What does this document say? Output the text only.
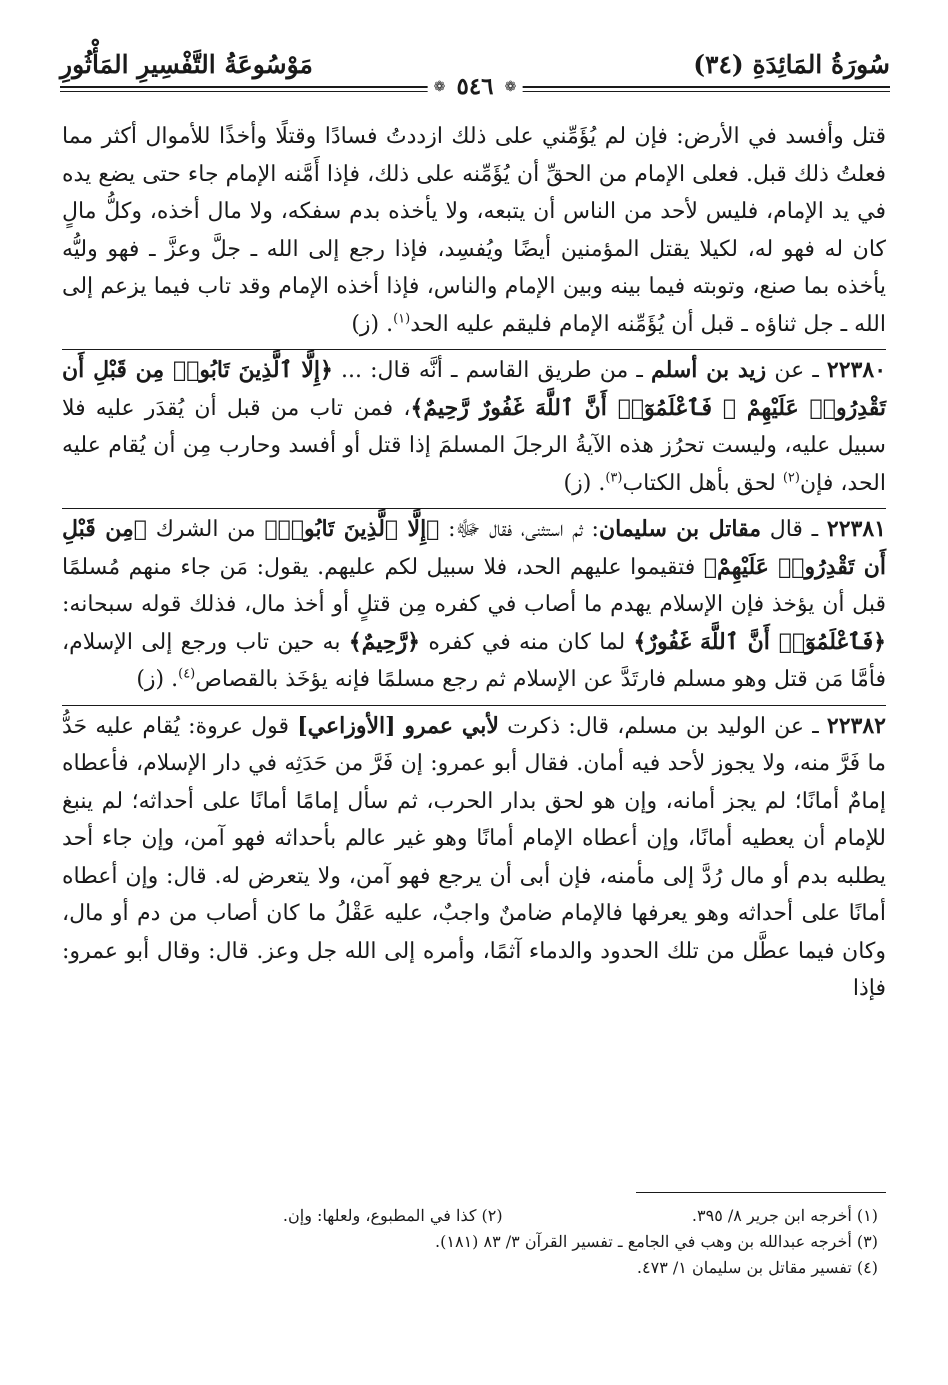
سُورَةُ المَائِدَةِ (٣٤)
مَوْسُوعَةُ التَّفْسِيرِ المَأْثُورِ
❁ ٥٤٦ ❁

قتل وأفسد في الأرض: فإن لم يُؤَمِّني على ذلك ازددتُ فسادًا وقتلًا وأخذًا للأموال أكثر مما فعلتُ ذلك قبل. فعلى الإمام من الحقِّ أن يُؤَمِّنه على ذلك، فإذا أَمَّنه الإمام جاء حتى يضع يده في يد الإمام، فليس لأحد من الناس أن يتبعه، ولا يأخذه بدم سفكه، ولا مال أخذه، وكلُّ مالٍ كان له فهو له، لكيلا يقتل المؤمنين أيضًا ويُفسِد، فإذا رجع إلى الله ـ جلَّ وعزَّ ـ فهو وليُّه يأخذه بما صنع، وتوبته فيما بينه وبين الإمام والناس، فإذا أخذه الإمام وقد تاب فيما يزعم إلى الله ـ جل ثناؤه ـ قبل أن يُؤَمِّنه الإمام فليقم عليه الحد$^{(١)}$. (ز)

٢٢٣٨٠ ـ عن زيد بن أسلم ـ من طريق القاسم ـ أنَّه قال: ... ﴿إِلَّا ٱلَّذِينَ تَابُوا۟ مِن قَبْلِ أَن تَقْدِرُوا۟ عَلَيْهِمْ ۖ فَٱعْلَمُوٓا۟ أَنَّ ٱللَّهَ غَفُورٌ رَّحِيمٌ﴾، فمن تاب من قبل أن يُقدَر عليه فلا سبيل عليه، وليست تحرُز هذه الآيةُ الرجلَ المسلمَ إذا قتل أو أفسد وحارب مِن أن يُقام عليه الحد، فإن$^{(٢)}$ لحق بأهل الكتاب$^{(٣)}$. (ز)

٢٢٣٨١ ـ قال مقاتل بن سليمان: ثم استثنى، فقال ﷻ: ﴿إِلَّا ٱلَّذِينَ تَابُوا۟﴾ من الشرك ﴿مِن قَبْلِ أَن تَقْدِرُوا۟ عَلَيْهِمْ﴾ فتقيموا عليهم الحد، فلا سبيل لكم عليهم. يقول: مَن جاء منهم مُسلمًا قبل أن يؤخذ فإن الإسلام يهدم ما أصاب في كفره مِن قتلٍ أو أخذ مال، فذلك قوله سبحانه: ﴿فَٱعْلَمُوٓا۟ أَنَّ ٱللَّهَ غَفُورٌ﴾ لما كان منه في كفره ﴿رَّحِيمٌ﴾ به حين تاب ورجع إلى الإسلام، فأمَّا مَن قتل وهو مسلم فارتَدَّ عن الإسلام ثم رجع مسلمًا فإنه يؤخَذ بالقصاص$^{(٤)}$. (ز)

٢٢٣٨٢ ـ عن الوليد بن مسلم، قال: ذكرت لأبي عمرو [الأوزاعي] قول عروة: يُقام عليه حَدُّ ما فَرَّ منه، ولا يجوز لأحد فيه أمان. فقال أبو عمرو: إن فَرَّ من حَدَثِه في دار الإسلام، فأعطاه إمامٌ أمانًا؛ لم يجز أمانه، وإن هو لحق بدار الحرب، ثم سأل إمامًا أمانًا على أحداثه؛ لم ينبغ للإمام أن يعطيه أمانًا، وإن أعطاه الإمام أمانًا وهو غير عالم بأحداثه فهو آمن، وإن جاء أحد يطلبه بدم أو مال رُدَّ إلى مأمنه، فإن أبى أن يرجع فهو آمن، ولا يتعرض له. قال: وإن أعطاه أمانًا على أحداثه وهو يعرفها فالإمام ضامنٌ واجبٌ، عليه عَقْلُ ما كان أصاب من دم أو مال، وكان فيما عطَّل من تلك الحدود والدماء آثمًا، وأمره إلى الله جل وعز. قال: وقال أبو عمرو: فإذا

(١) أخرجه ابن جرير ٨/ ٣٩٥.
(٢) كذا في المطبوع، ولعلها: وإن.
(٣) أخرجه عبدالله بن وهب في الجامع ـ تفسير القرآن ٣/ ٨٣ (١٨١).
(٤) تفسير مقاتل بن سليمان ١/ ٤٧٣.
